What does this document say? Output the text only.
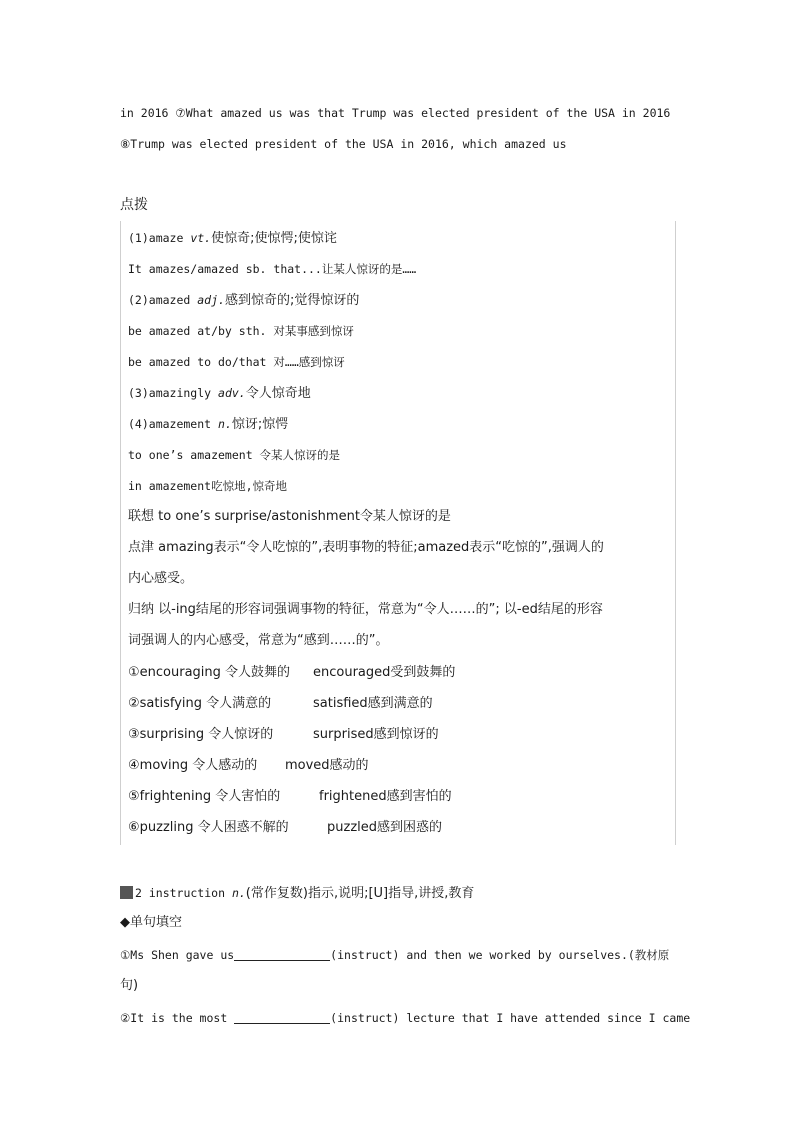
in 2016 ⑦What amazed us was that Trump was elected president of the USA in 2016
⑧Trump was elected president of the USA in 2016, which amazed us
点拨
(1)amaze vt.使惊奇;使惊愕;使惊诧
It amazes/amazed sb. that...让某人惊讶的是……
(2)amazed adj.感到惊奇的;觉得惊讶的
be amazed at/by sth. 对某事感到惊讶
be amazed to do/that 对……感到惊讶
(3)amazingly adv.令人惊奇地
(4)amazement n.惊讶;惊愕
to one’s amazement 令某人惊讶的是
in amazement吃惊地,惊奇地
联想 to one’s surprise/astonishment令某人惊讶的是
点津 amazing表示“令人吃惊的”,表明事物的特征;amazed表示“吃惊的”,强调人的
内心感受。
归纳 以-ing结尾的形容词强调事物的特征，常意为“令人……的”; 以-ed结尾的形容
词强调人的内心感受，常意为“感到……的”。
①encouraging 令人鼓舞的 encouraged受到鼓舞的
②satisfying 令人满意的	satisfied感到满意的
③surprising 令人惊讶的	surprised感到惊讶的
④moving 令人感动的 moved感动的
⑤frightening 令人害怕的	frightened感到害怕的
⑥puzzling 令人困惑不解的	puzzled感到困惑的
2 instruction n.(常作复数)指示,说明;[U]指导,讲授,教育
◆单句填空
①Ms Shen gave us	(instruct) and then we worked by ourselves.(教材原
句)
②It is the most	(instruct) lecture that I have attended since I came
